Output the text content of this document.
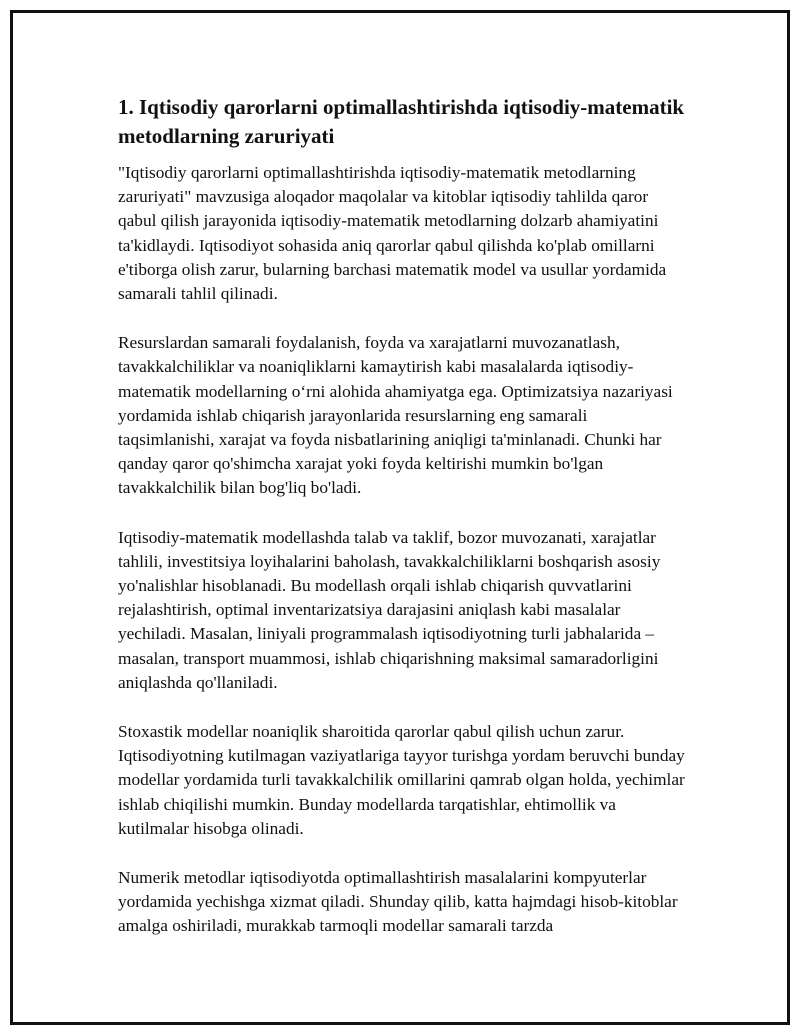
1. Iqtisodiy qarorlarni optimallashtirishda iqtisodiy-matematik metodlarning zaruriyati

"Iqtisodiy qarorlarni optimallashtirishda iqtisodiy-matematik metodlarning zaruriyati" mavzusiga aloqador maqolalar va kitoblar iqtisodiy tahlilda qaror qabul qilish jarayonida iqtisodiy-matematik metodlarning dolzarb ahamiyatini ta'kidlaydi. Iqtisodiyot sohasida aniq qarorlar qabul qilishda ko'plab omillarni e'tiborga olish zarur, bularning barchasi matematik model va usullar yordamida samarali tahlil qilinadi.

Resurslardan samarali foydalanish, foyda va xarajatlarni muvozanatlash, tavakkalchiliklar va noaniqliklarni kamaytirish kabi masalalarda iqtisodiy-matematik modellarning o‘rni alohida ahamiyatga ega. Optimizatsiya nazariyasi yordamida ishlab chiqarish jarayonlarida resurslarning eng samarali taqsimlanishi, xarajat va foyda nisbatlarining aniqligi ta'minlanadi. Chunki har qanday qaror qo'shimcha xarajat yoki foyda keltirishi mumkin bo'lgan tavakkalchilik bilan bog'liq bo'ladi.

Iqtisodiy-matematik modellashda talab va taklif, bozor muvozanati, xarajatlar tahlili, investitsiya loyihalarini baholash, tavakkalchiliklarni boshqarish asosiy yo'nalishlar hisoblanadi. Bu modellash orqali ishlab chiqarish quvvatlarini rejalashtirish, optimal inventarizatsiya darajasini aniqlash kabi masalalar yechiladi. Masalan, liniyali programmalash iqtisodiyotning turli jabhalarida – masalan, transport muammosi, ishlab chiqarishning maksimal samaradorligini aniqlashda qo'llaniladi.

Stoxastik modellar noaniqlik sharoitida qarorlar qabul qilish uchun zarur. Iqtisodiyotning kutilmagan vaziyatlariga tayyor turishga yordam beruvchi bunday modellar yordamida turli tavakkalchilik omillarini qamrab olgan holda, yechimlar ishlab chiqilishi mumkin. Bunday modellarda tarqatishlar, ehtimollik va kutilmalar hisobga olinadi.

Numerik metodlar iqtisodiyotda optimallashtirish masalalarini kompyuterlar yordamida yechishga xizmat qiladi. Shunday qilib, katta hajmdagi hisob-kitoblar amalga oshiriladi, murakkab tarmoqli modellar samarali tarzda
